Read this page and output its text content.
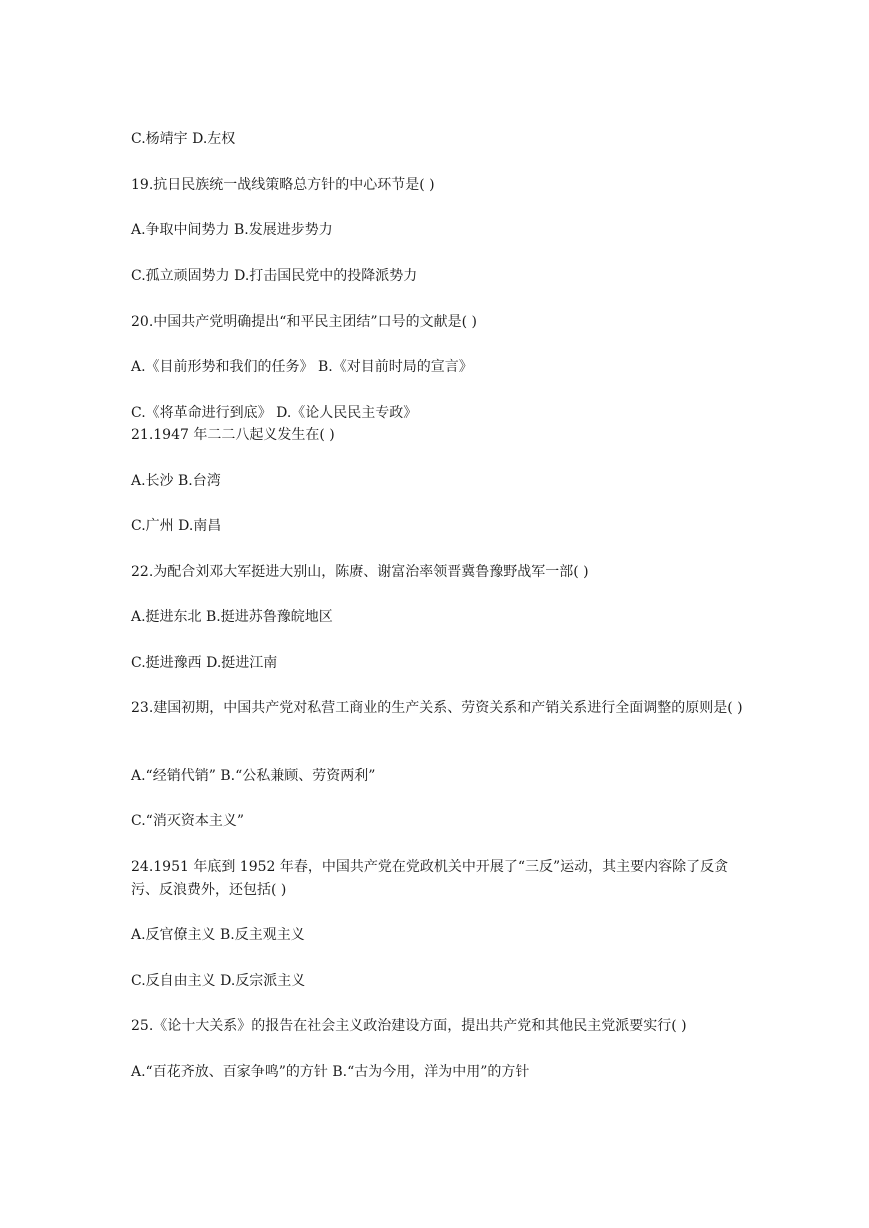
C.杨靖宇 D.左权
19.抗日民族统一战线策略总方针的中心环节是( )
A.争取中间势力 B.发展进步势力
C.孤立顽固势力 D.打击国民党中的投降派势力
20.中国共产党明确提出“和平民主团结”口号的文献是( )
A.《目前形势和我们的任务》 B.《对目前时局的宣言》
C.《将革命进行到底》 D.《论人民民主专政》
21.1947 年二二八起义发生在( )
A.长沙 B.台湾
C.广州 D.南昌
22.为配合刘邓大军挺进大别山，陈赓、谢富治率领晋冀鲁豫野战军一部( )
A.挺进东北 B.挺进苏鲁豫皖地区
C.挺进豫西 D.挺进江南
23.建国初期，中国共产党对私营工商业的生产关系、劳资关系和产销关系进行全面调整的原则是( )
A.“经销代销” B.“公私兼顾、劳资两利”
C.“消灭资本主义”
24.1951 年底到 1952 年春，中国共产党在党政机关中开展了“三反”运动，其主要内容除了反贪污、反浪费外，还包括( )
A.反官僚主义 B.反主观主义
C.反自由主义 D.反宗派主义
25.《论十大关系》的报告在社会主义政治建设方面，提出共产党和其他民主党派要实行( )
A.“百花齐放、百家争鸣”的方针 B.“古为今用，洋为中用”的方针
